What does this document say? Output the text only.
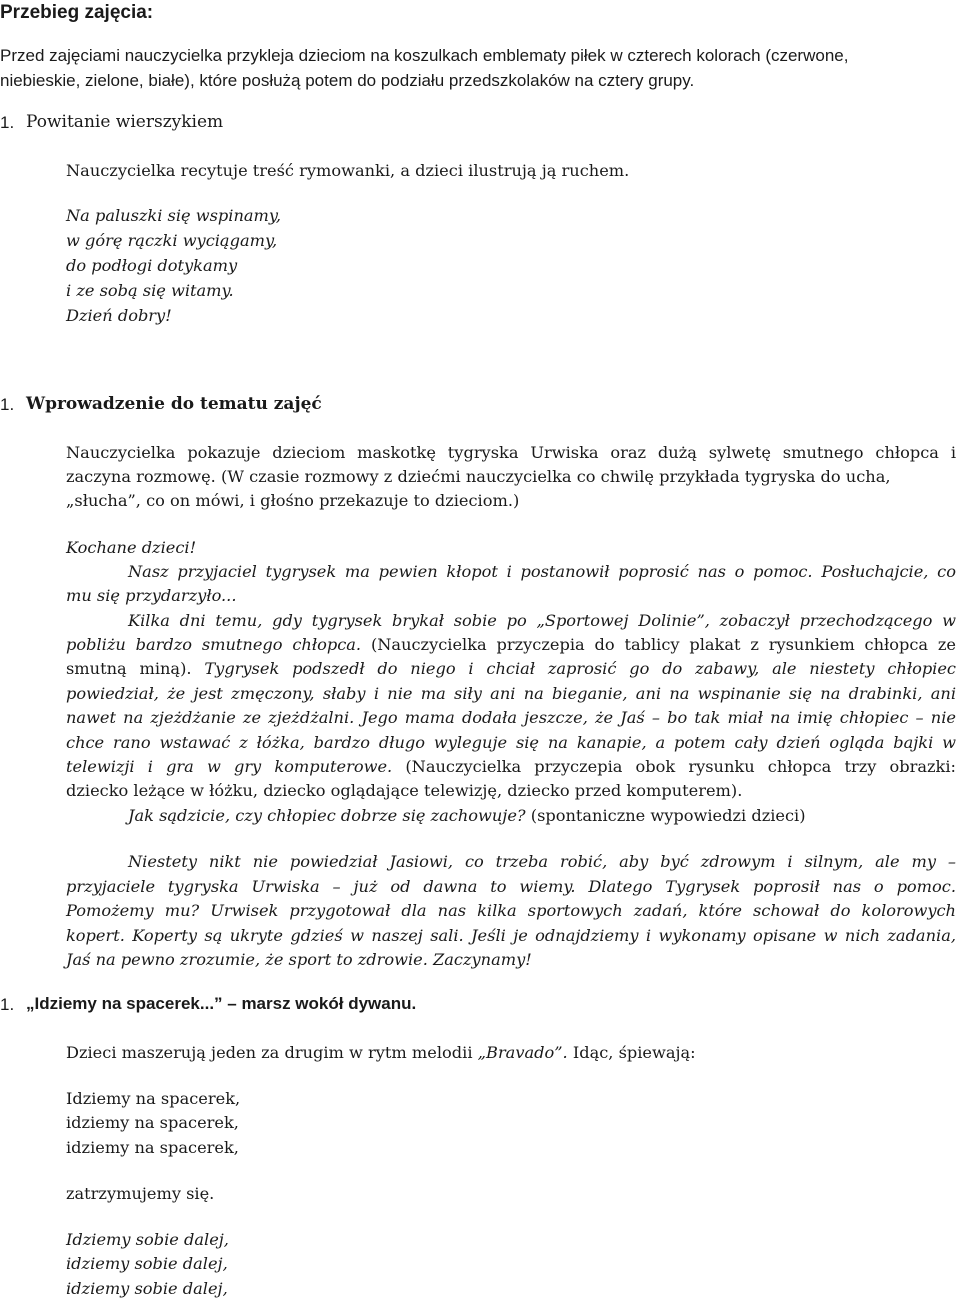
Przebieg zajęcia:
Przed zajęciami nauczycielka przykleja dzieciom na koszulkach emblematy piłek w czterech kolorach (czerwone,
niebieskie, zielone, białe), które posłużą potem do podziału przedszkolaków na cztery grupy.
1. Powitanie wierszykiem
Nauczycielka recytuje treść rymowanki, a dzieci ilustrują ją ruchem.
Na paluszki się wspinamy,
w górę rączki wyciągamy,
do podłogi dotykamy
i ze sobą się witamy.
Dzień dobry!
1. Wprowadzenie do tematu zajęć
Nauczycielka pokazuje dzieciom maskotkę tygryska Urwiska oraz dużą sylwetę smutnego chłopca i
zaczyna rozmowę. (W czasie rozmowy z dziećmi nauczycielka co chwilę przykłada tygryska do ucha,
„słucha”, co on mówi, i głośno przekazuje to dzieciom.)
Kochane dzieci!
Nasz przyjaciel tygrysek ma pewien kłopot i postanowił poprosić nas o pomoc. Posłuchajcie, co
mu się przydarzyło...
Kilka dni temu, gdy tygrysek brykał sobie po „Sportowej Dolinie”, zobaczył przechodzącego w
pobliżu bardzo smutnego chłopca. (Nauczycielka przyczepia do tablicy plakat z rysunkiem chłopca ze
smutną miną). Tygrysek podszedł do niego i chciał zaprosić go do zabawy, ale niestety chłopiec
powiedział, że jest zmęczony, słaby i nie ma siły ani na bieganie, ani na wspinanie się na drabinki, ani
nawet na zjeżdżanie ze zjeżdżalni. Jego mama dodała jeszcze, że Jaś – bo tak miał na imię chłopiec – nie
chce rano wstawać z łóżka, bardzo długo wyleguje się na kanapie, a potem cały dzień ogląda bajki w
telewizji i gra w gry komputerowe. (Nauczycielka przyczepia obok rysunku chłopca trzy obrazki:
dziecko leżące w łóżku, dziecko oglądające telewizję, dziecko przed komputerem).
Jak sądzicie, czy chłopiec dobrze się zachowuje? (spontaniczne wypowiedzi dzieci)
Niestety nikt nie powiedział Jasiowi, co trzeba robić, aby być zdrowym i silnym, ale my –
przyjaciele tygryska Urwiska – już od dawna to wiemy. Dlatego Tygrysek poprosił nas o pomoc.
Pomożemy mu? Urwisek przygotował dla nas kilka sportowych zadań, które schował do kolorowych
kopert. Koperty są ukryte gdzieś w naszej sali. Jeśli je odnajdziemy i wykonamy opisane w nich zadania,
Jaś na pewno zrozumie, że sport to zdrowie. Zaczynamy!
1. „Idziemy na spacerek...” – marsz wokół dywanu.
Dzieci maszerują jeden za drugim w rytm melodii „Bravado”. Idąc, śpiewają:
Idziemy na spacerek,
idziemy na spacerek,
idziemy na spacerek,
zatrzymujemy się.
Idziemy sobie dalej,
idziemy sobie dalej,
idziemy sobie dalej,
